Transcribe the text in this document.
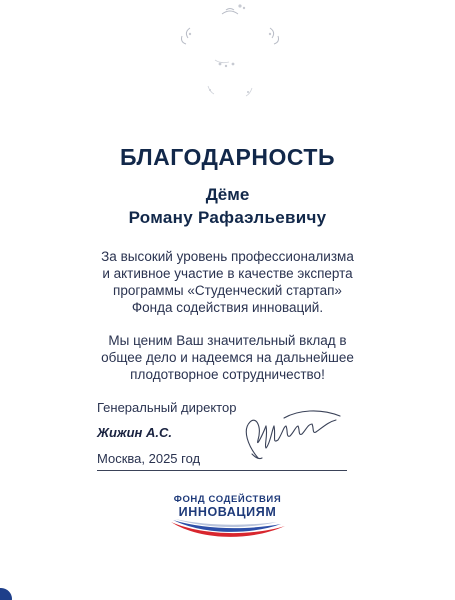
БЛАГОДАРНОСТЬ
Дёме
Роману Рафаэльевичу
За высокий уровень профессионализма
и активное участие в качестве эксперта
программы «Студенческий стартап»
Фонда содействия инноваций.
Мы ценим Ваш значительный вклад в
общее дело и надеемся на дальнейшее
плодотворное сотрудничество!
Генеральный директор
Жижин А.С.
Москва, 2025 год
ФОНД СОДЕЙСТВИЯ
ИННОВАЦИЯМ
